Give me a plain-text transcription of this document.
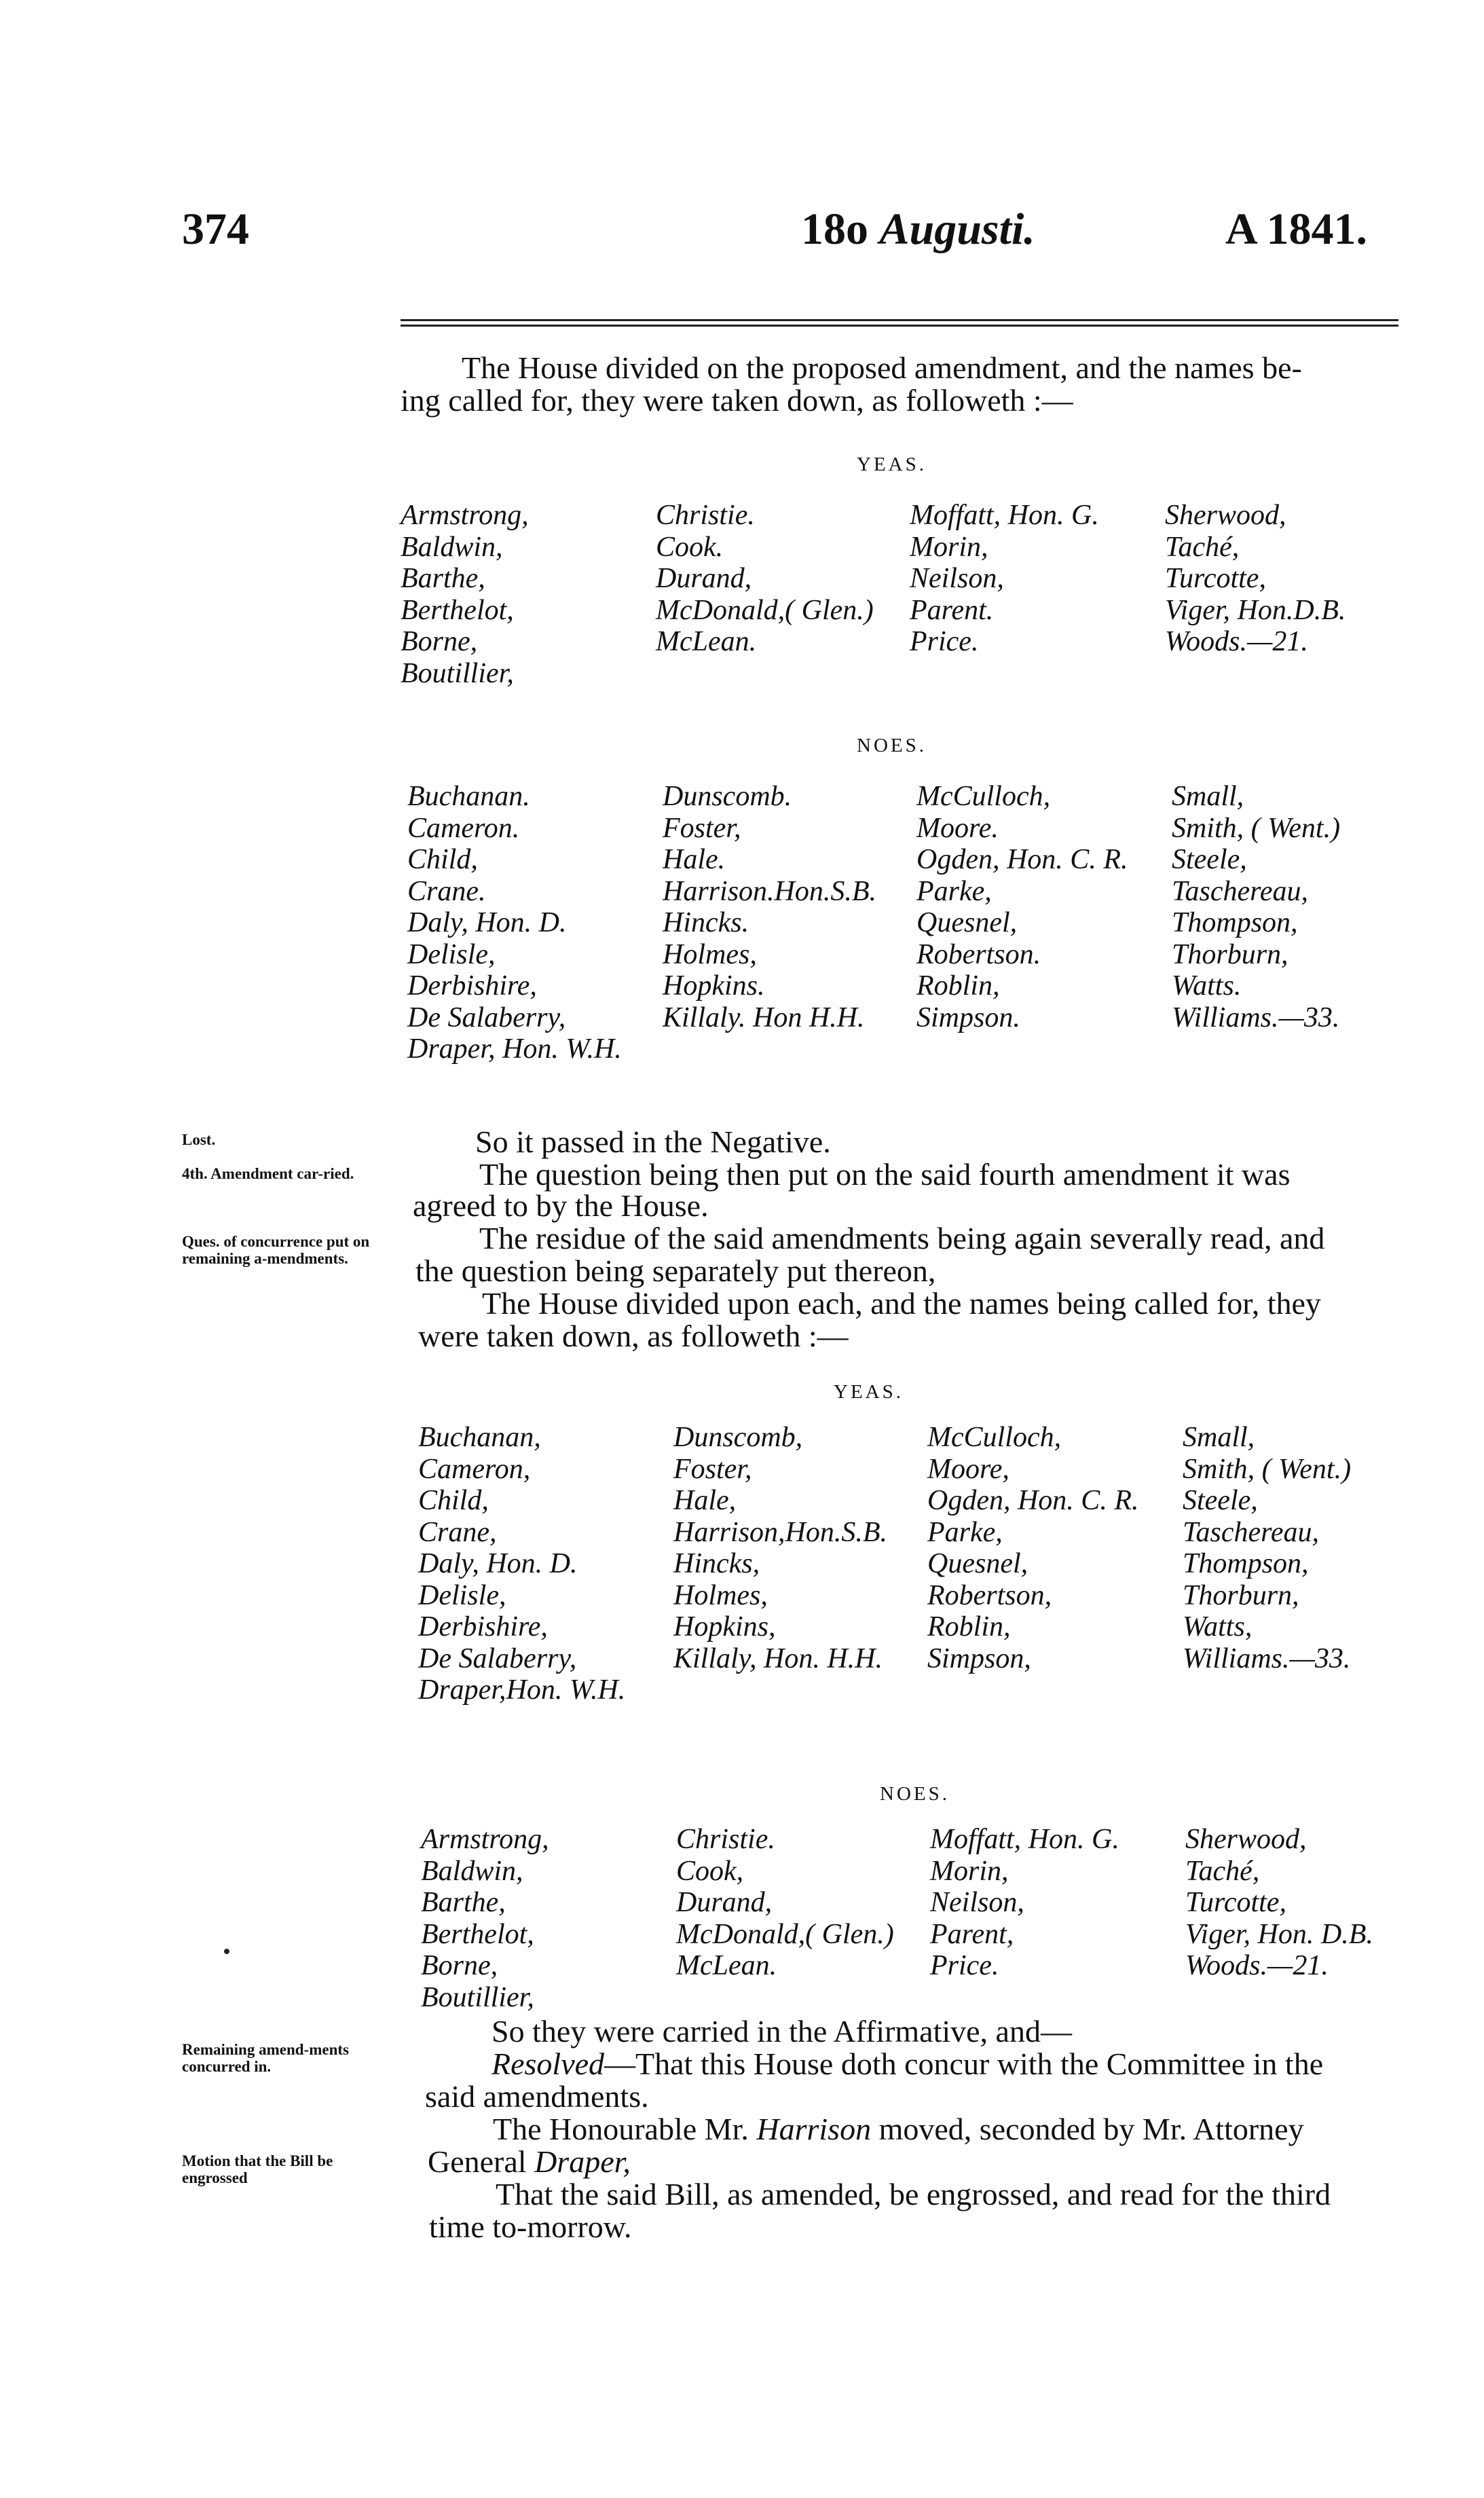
374	18o Augusti.	A 1841.

The House divided on the proposed amendment, and the names be-

ing called for, they were taken down, as followeth :—

YEAS.
Armstrong,	Christie.	Moffatt, Hon. G.	Sherwood,
Baldwin,	Cook.	Morin,	Taché,
Barthe,	Durand,	Neilson,	Turcotte,
Berthelot,	McDonald,( Glen.)	Parent.	Viger, Hon.D.B.
Borne,	McLean.	Price.	Woods.—21.
Boutillier,
NOES.
Buchanan.	Dunscomb.	McCulloch,	Small,
Cameron.	Foster,	Moore.	Smith, ( Went.)
Child,	Hale.	Ogden, Hon. C. R.	Steele,
Crane.	Harrison.Hon.S.B.	Parke,	Taschereau,
Daly, Hon. D.	Hincks.	Quesnel,	Thompson,
Delisle,	Holmes,	Robertson.	Thorburn,
Derbishire,	Hopkins.	Roblin,	Watts.
De Salaberry,	Killaly. Hon H.H.	Simpson.	Williams.—33.
Draper, Hon. W.H.
Lost.
4th. Amendment car-ried.
Ques. of concurrence put on remaining a-mendments.

So it passed in the Negative.

The question being then put on the said fourth amendment it was

agreed to by the House.

The residue of the said amendments being again severally read, and

the question being separately put thereon,

The House divided upon each, and the names being called for, they

were taken down, as followeth :—

YEAS.
Buchanan,	Dunscomb,	McCulloch,	Small,
Cameron,	Foster,	Moore,	Smith, ( Went.)
Child,	Hale,	Ogden, Hon. C. R.	Steele,
Crane,	Harrison,Hon.S.B.	Parke,	Taschereau,
Daly, Hon. D.	Hincks,	Quesnel,	Thompson,
Delisle,	Holmes,	Robertson,	Thorburn,
Derbishire,	Hopkins,	Roblin,	Watts,
De Salaberry,	Killaly, Hon. H.H.	Simpson,	Williams.—33.
Draper,Hon. W.H.
NOES.
Armstrong,	Christie.	Moffatt, Hon. G.	Sherwood,
Baldwin,	Cook,	Morin,	Taché,
Barthe,	Durand,	Neilson,	Turcotte,
Berthelot,	McDonald,( Glen.)	Parent,	Viger, Hon. D.B.
Borne,	McLean.	Price.	Woods.—21.
Boutillier,

So they were carried in the Affirmative, and—

Resolved—That this House doth concur with the Committee in the

said amendments.

The Honourable Mr. Harrison moved, seconded by Mr. Attorney

General Draper,

That the said Bill, as amended, be engrossed, and read for the third

time to-morrow.

Remaining amend-ments concurred in.
Motion that the Bill be engrossed
